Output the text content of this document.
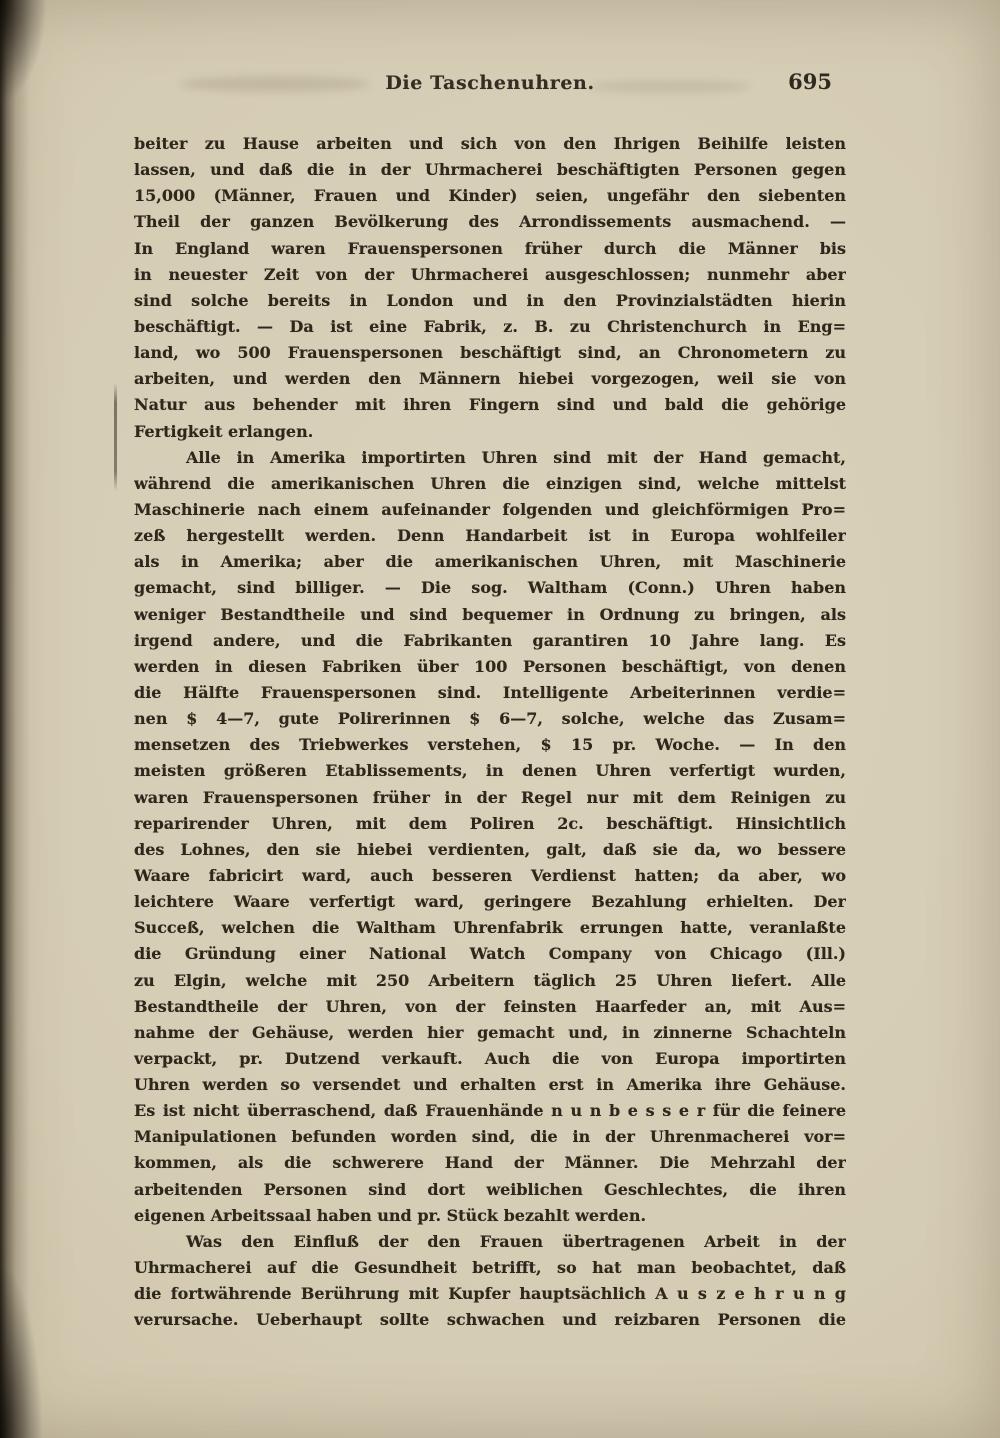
Die Taschenuhren.	695
beiter zu Hause arbeiten und sich von den Ihrigen Beihilfe leisten
lassen, und daß die in der Uhrmacherei beschäftigten Personen gegen
15,000 (Männer, Frauen und Kinder) seien, ungefähr den siebenten
Theil der ganzen Bevölkerung des Arrondissements ausmachend. —
In England waren Frauenspersonen früher durch die Männer bis
in neuester Zeit von der Uhrmacherei ausgeschlossen; nunmehr aber
sind solche bereits in London und in den Provinzialstädten hierin
beschäftigt. — Da ist eine Fabrik, z. B. zu Christenchurch in Eng=
land, wo 500 Frauenspersonen beschäftigt sind, an Chronometern zu
arbeiten, und werden den Männern hiebei vorgezogen, weil sie von
Natur aus behender mit ihren Fingern sind und bald die gehörige
Fertigkeit erlangen.
Alle in Amerika importirten Uhren sind mit der Hand gemacht,
während die amerikanischen Uhren die einzigen sind, welche mittelst
Maschinerie nach einem aufeinander folgenden und gleichförmigen Pro=
zeß hergestellt werden. Denn Handarbeit ist in Europa wohlfeiler
als in Amerika; aber die amerikanischen Uhren, mit Maschinerie
gemacht, sind billiger. — Die sog. Waltham (Conn.) Uhren haben
weniger Bestandtheile und sind bequemer in Ordnung zu bringen, als
irgend andere, und die Fabrikanten garantiren 10 Jahre lang. Es
werden in diesen Fabriken über 100 Personen beschäftigt, von denen
die Hälfte Frauenspersonen sind. Intelligente Arbeiterinnen verdie=
nen $ 4—7, gute Polirerinnen $ 6—7, solche, welche das Zusam=
mensetzen des Triebwerkes verstehen, $ 15 pr. Woche. — In den
meisten größeren Etablissements, in denen Uhren verfertigt wurden,
waren Frauenspersonen früher in der Regel nur mit dem Reinigen zu
reparirender Uhren, mit dem Poliren 2c. beschäftigt. Hinsichtlich
des Lohnes, den sie hiebei verdienten, galt, daß sie da, wo bessere
Waare fabricirt ward, auch besseren Verdienst hatten; da aber, wo
leichtere Waare verfertigt ward, geringere Bezahlung erhielten. Der
Succeß, welchen die Waltham Uhrenfabrik errungen hatte, veranlaßte
die Gründung einer National Watch Company von Chicago (Ill.)
zu Elgin, welche mit 250 Arbeitern täglich 25 Uhren liefert. Alle
Bestandtheile der Uhren, von der feinsten Haarfeder an, mit Aus=
nahme der Gehäuse, werden hier gemacht und, in zinnerne Schachteln
verpackt, pr. Dutzend verkauft. Auch die von Europa importirten
Uhren werden so versendet und erhalten erst in Amerika ihre Gehäuse.
Es ist nicht überraschend, daß Frauenhände n u n b e s s e r für die feinere
Manipulationen befunden worden sind, die in der Uhrenmacherei vor=
kommen, als die schwerere Hand der Männer. Die Mehrzahl der
arbeitenden Personen sind dort weiblichen Geschlechtes, die ihren
eigenen Arbeitssaal haben und pr. Stück bezahlt werden.
Was den Einfluß der den Frauen übertragenen Arbeit in der
Uhrmacherei auf die Gesundheit betrifft, so hat man beobachtet, daß
die fortwährende Berührung mit Kupfer hauptsächlich A u s z e h r u n g
verursache. Ueberhaupt sollte schwachen und reizbaren Personen die
